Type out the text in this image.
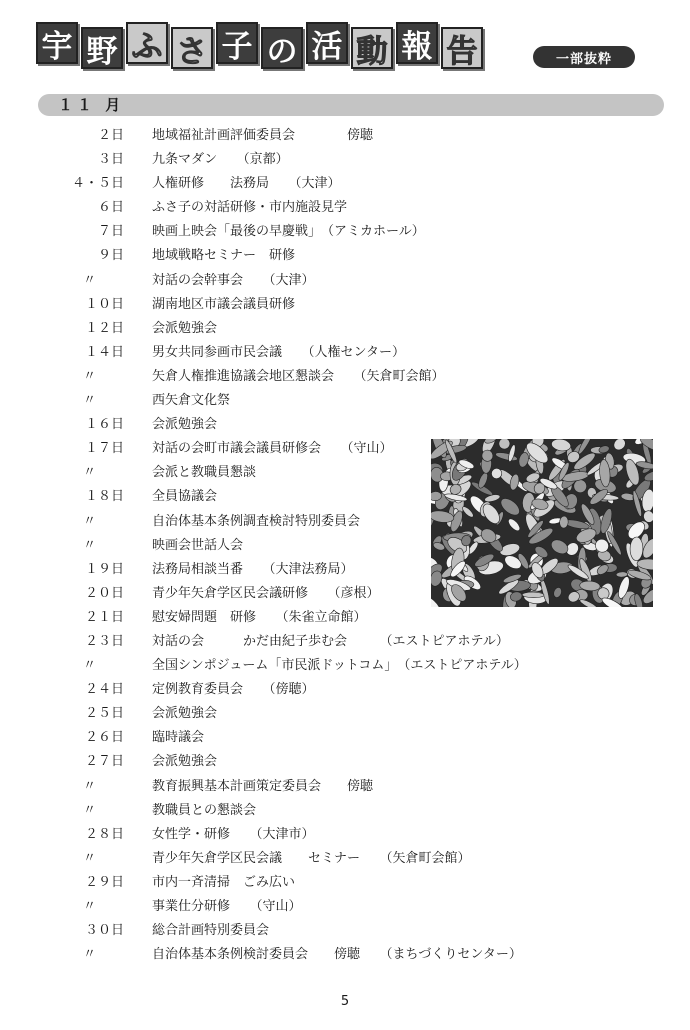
宇 野 ふ さ 子 の 活 動 報 告	一部抜粋
１１ 月
２日 地域福祉計画評価委員会　　　　傍聴
３日 九条マダン　　（京都）
４・５日 人権研修　　法務局　　（大津）
６日 ふさ子の対話研修・市内施設見学
７日 映画上映会「最後の早慶戦」　（アミカホール）
９日 地域戦略セミナー　研修
〃	対話の会幹事会　　（大津）
１０日 湖南地区市議会議員研修
１２日 会派勉強会
１４日 男女共同参画市民会議　　（人権センター）
〃	矢倉人権推進協議会地区懇談会　　（矢倉町会館）
〃	西矢倉文化祭
１６日 会派勉強会
１７日 対話の会町市議会議員研修会　　（守山）
〃	会派と教職員懇談
１８日 全員協議会
〃	自治体基本条例調査検討特別委員会
〃	映画会世話人会
１９日 法務局相談当番　　（大津法務局）
２０日 青少年矢倉学区民会議研修　　（彦根）
２１日 慰安婦問題　研修　　（朱雀立命館）
２３日 対話の会　　　かだ由紀子歩む会　　　（エストピアホテル）
〃	全国シンポジューム「市民派ドットコム」　（エストピアホテル）
２４日 定例教育委員会　　（傍聴）
２５日 会派勉強会
２６日 臨時議会
２７日 会派勉強会
〃	教育振興基本計画策定委員会　　傍聴
〃	教職員との懇談会
２８日 女性学・研修　　（大津市）
〃	青少年矢倉学区民会議　　セミナー　　（矢倉町会館）
２９日 市内一斉清掃　ごみ広い
〃	事業仕分研修　　（守山）
３０日 総合計画特別委員会
〃	自治体基本条例検討委員会　　傍聴　　（まちづくりセンター）
5
